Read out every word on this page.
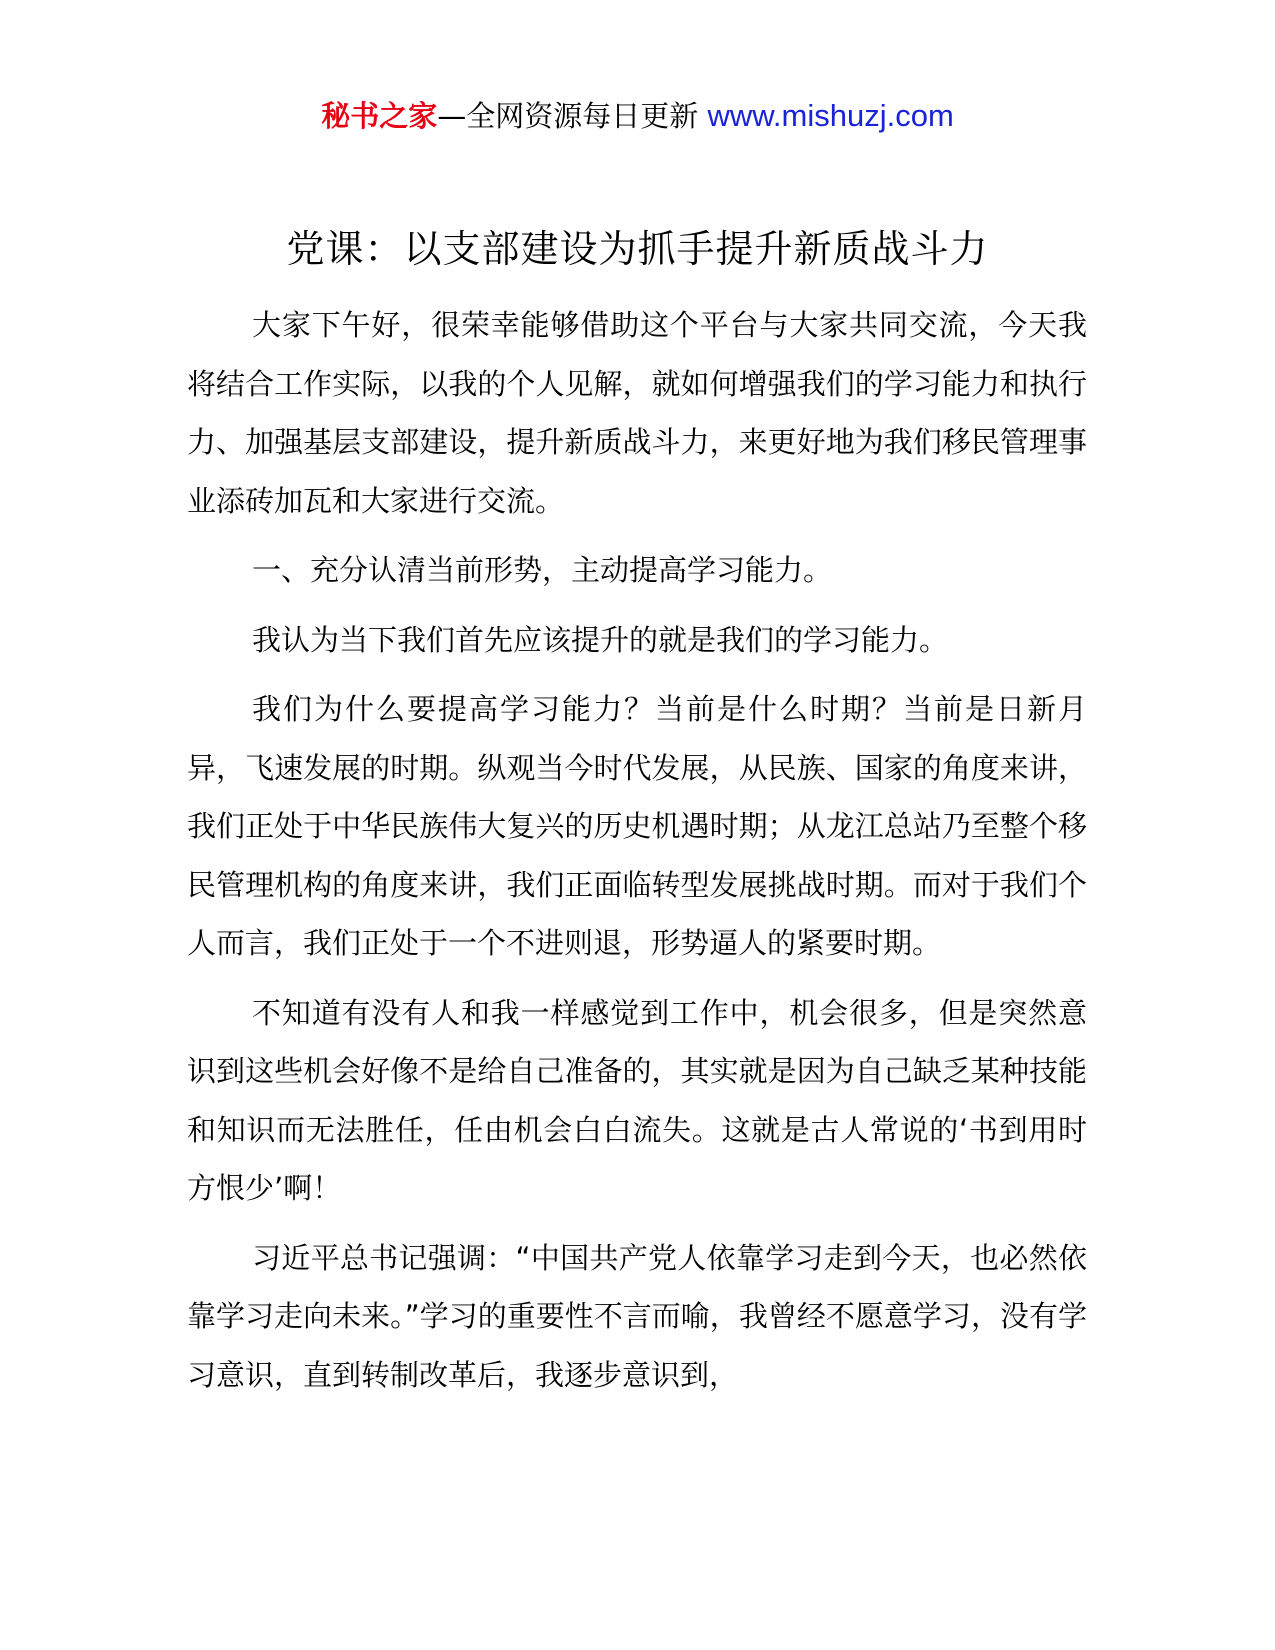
秘书之家—全网资源每日更新 www.mishuzj.com
党课：以支部建设为抓手提升新质战斗力

大家下午好，很荣幸能够借助这个平台与大家共同交流，今天我将结合工作实际，以我的个人见解，就如何增强我们的学习能力和执行力、加强基层支部建设，提升新质战斗力，来更好地为我们移民管理事业添砖加瓦和大家进行交流。

一、充分认清当前形势，主动提高学习能力。

我认为当下我们首先应该提升的就是我们的学习能力。

我们为什么要提高学习能力？当前是什么时期？当前是日新月异，飞速发展的时期。纵观当今时代发展，从民族、国家的角度来讲，我们正处于中华民族伟大复兴的历史机遇时期；从龙江总站乃至整个移民管理机构的角度来讲，我们正面临转型发展挑战时期。而对于我们个人而言，我们正处于一个不进则退，形势逼人的紧要时期。

不知道有没有人和我一样感觉到工作中，机会很多，但是突然意识到这些机会好像不是给自己准备的，其实就是因为自己缺乏某种技能和知识而无法胜任，任由机会白白流失。这就是古人常说的‘书到用时方恨少’啊！

习近平总书记强调：“中国共产党人依靠学习走到今天，也必然依靠学习走向未来。”学习的重要性不言而喻，我曾经不愿意学习，没有学习意识，直到转制改革后，我逐步意识到，
